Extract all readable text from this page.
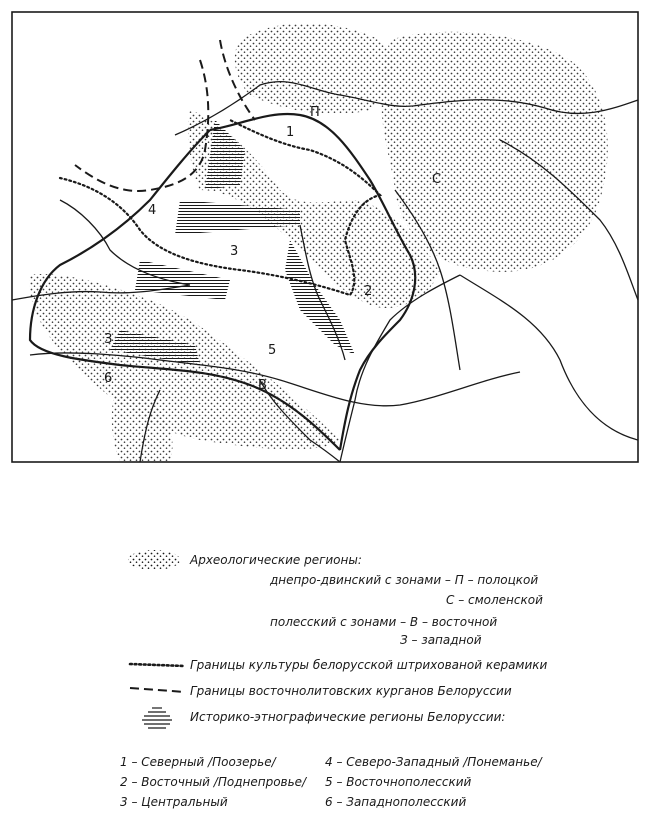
П
С
1
2
3
З
4
5
6	В
Археологические регионы:
днепро-двинский с зонами – П – полоцкой
С – смоленской
полесский с зонами – В – восточной
З – западной
Границы культуры белорусской штрихованой керамики
Границы восточнолитовских курганов Белоруссии
Историко-этнографические регионы Белоруссии:
1 – Северный /Поозерье/
2 – Восточный /Поднепровье/
3 – Центральный
4 – Северо-Западный /Понеманье/
5 – Восточнополесский
6 – Западнополесский
